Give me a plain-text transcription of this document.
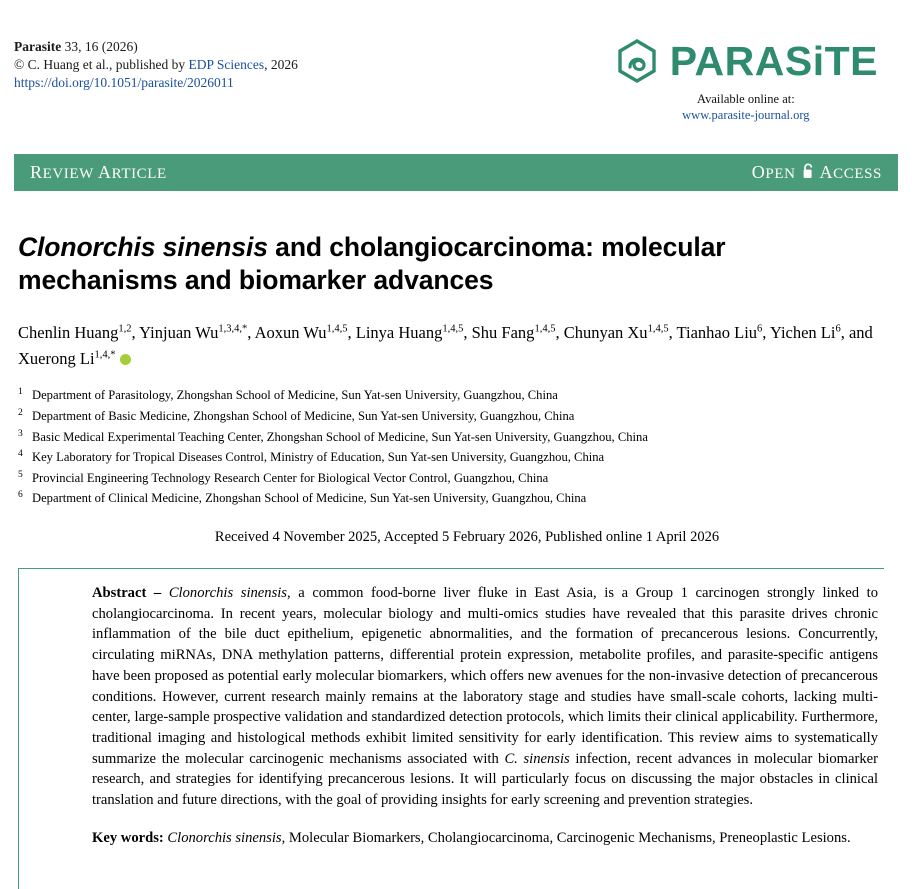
Parasite 33, 16 (2026)
© C. Huang et al., published by EDP Sciences, 2026
https://doi.org/10.1051/parasite/2026011	PARASiTE
Available online at:
www.parasite-journal.org
REVIEW ARTICLE	OPEN ACCESS
Clonorchis sinensis and cholangiocarcinoma: molecular mechanisms and biomarker advances
Chenlin Huang$^{1,2}$, Yinjuan $Wu^{1,3,4,*}$, Aoxun Wu$^{1,4,5}$, Linya Huang$^{1,4,5}$, Shu Fang$^{1,4,5}$, Chunyan Xu$^{1,4,5}$, Tianhao Liu$^6$, Yichen Li$^6$, and Xuerong $Li^{1,4,*}$
1 Department of Parasitology, Zhongshan School of Medicine, Sun Yat-sen University, Guangzhou, China
2 Department of Basic Medicine, Zhongshan School of Medicine, Sun Yat-sen University, Guangzhou, China
3 Basic Medical Experimental Teaching Center, Zhongshan School of Medicine, Sun Yat-sen University, Guangzhou, China
4 Key Laboratory for Tropical Diseases Control, Ministry of Education, Sun Yat-sen University, Guangzhou, China
5 Provincial Engineering Technology Research Center for Biological Vector Control, Guangzhou, China
6 Department of Clinical Medicine, Zhongshan School of Medicine, Sun Yat-sen University, Guangzhou, China
Received 4 November 2025, Accepted 5 February 2026, Published online 1 April 2026
Abstract – Clonorchis sinensis, a common food-borne liver fluke in East Asia, is a Group 1 carcinogen strongly linked to cholangiocarcinoma. In recent years, molecular biology and multi-omics studies have revealed that this parasite drives chronic inflammation of the bile duct epithelium, epigenetic abnormalities, and the formation of precancerous lesions. Concurrently, circulating miRNAs, DNA methylation patterns, differential protein expression, metabolite profiles, and parasite-specific antigens have been proposed as potential early molecular biomarkers, which offers new avenues for the non-invasive detection of precancerous conditions. However, current research mainly remains at the laboratory stage and studies have small-scale cohorts, lacking multi-center, large-sample prospective validation and standardized detection protocols, which limits their clinical applicability. Furthermore, traditional imaging and histological methods exhibit limited sensitivity for early identification. This review aims to systematically summarize the molecular carcinogenic mechanisms associated with C. sinensis infection, recent advances in molecular biomarker research, and strategies for identifying precancerous lesions. It will particularly focus on discussing the major obstacles in clinical translation and future directions, with the goal of providing insights for early screening and prevention strategies.
Key words: Clonorchis sinensis, Molecular Biomarkers, Cholangiocarcinoma, Carcinogenic Mechanisms, Preneoplastic Lesions.
